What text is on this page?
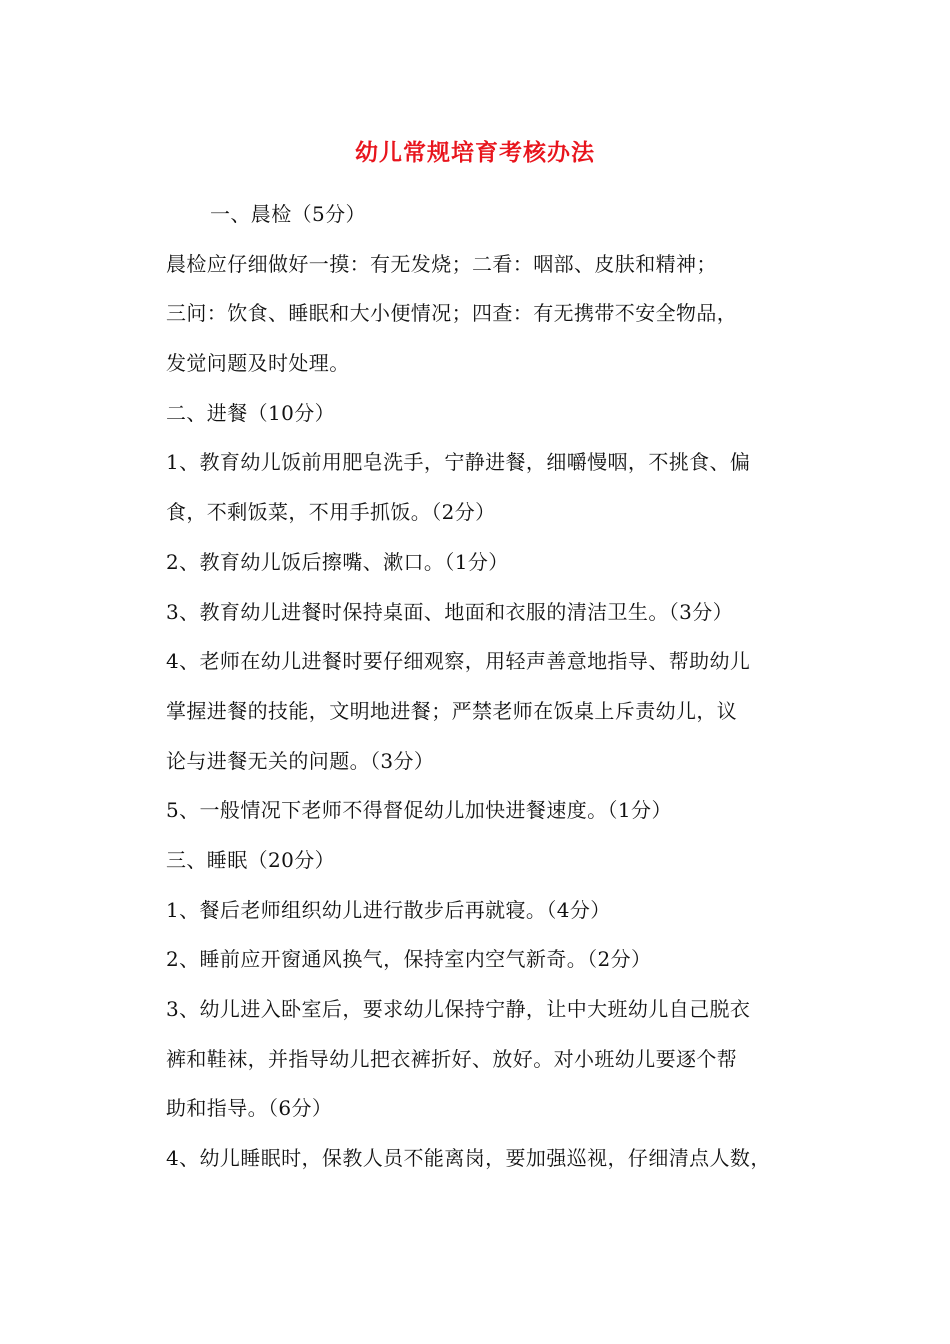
幼儿常规培育考核办法
一、晨检（5分）
晨检应仔细做好一摸：有无发烧；二看：咽部、皮肤和精神；
三问：饮食、睡眠和大小便情况；四查：有无携带不安全物品，
发觉问题及时处理。
二、进餐（10分）
1、教育幼儿饭前用肥皂洗手，宁静进餐，细嚼慢咽，不挑食、偏
食，不剩饭菜，不用手抓饭。（2分）
2、教育幼儿饭后擦嘴、漱口。（1分）
3、教育幼儿进餐时保持桌面、地面和衣服的清洁卫生。（3分）
4、老师在幼儿进餐时要仔细观察，用轻声善意地指导、帮助幼儿
掌握进餐的技能，文明地进餐；严禁老师在饭桌上斥责幼儿，议
论与进餐无关的问题。（3分）
5、一般情况下老师不得督促幼儿加快进餐速度。（1分）
三、睡眠（20分）
1、餐后老师组织幼儿进行散步后再就寝。（4分）
2、睡前应开窗通风换气，保持室内空气新奇。（2分）
3、幼儿进入卧室后，要求幼儿保持宁静，让中大班幼儿自己脱衣
裤和鞋袜，并指导幼儿把衣裤折好、放好。对小班幼儿要逐个帮
助和指导。（6分）
4、幼儿睡眠时，保教人员不能离岗，要加强巡视，仔细清点人数，
